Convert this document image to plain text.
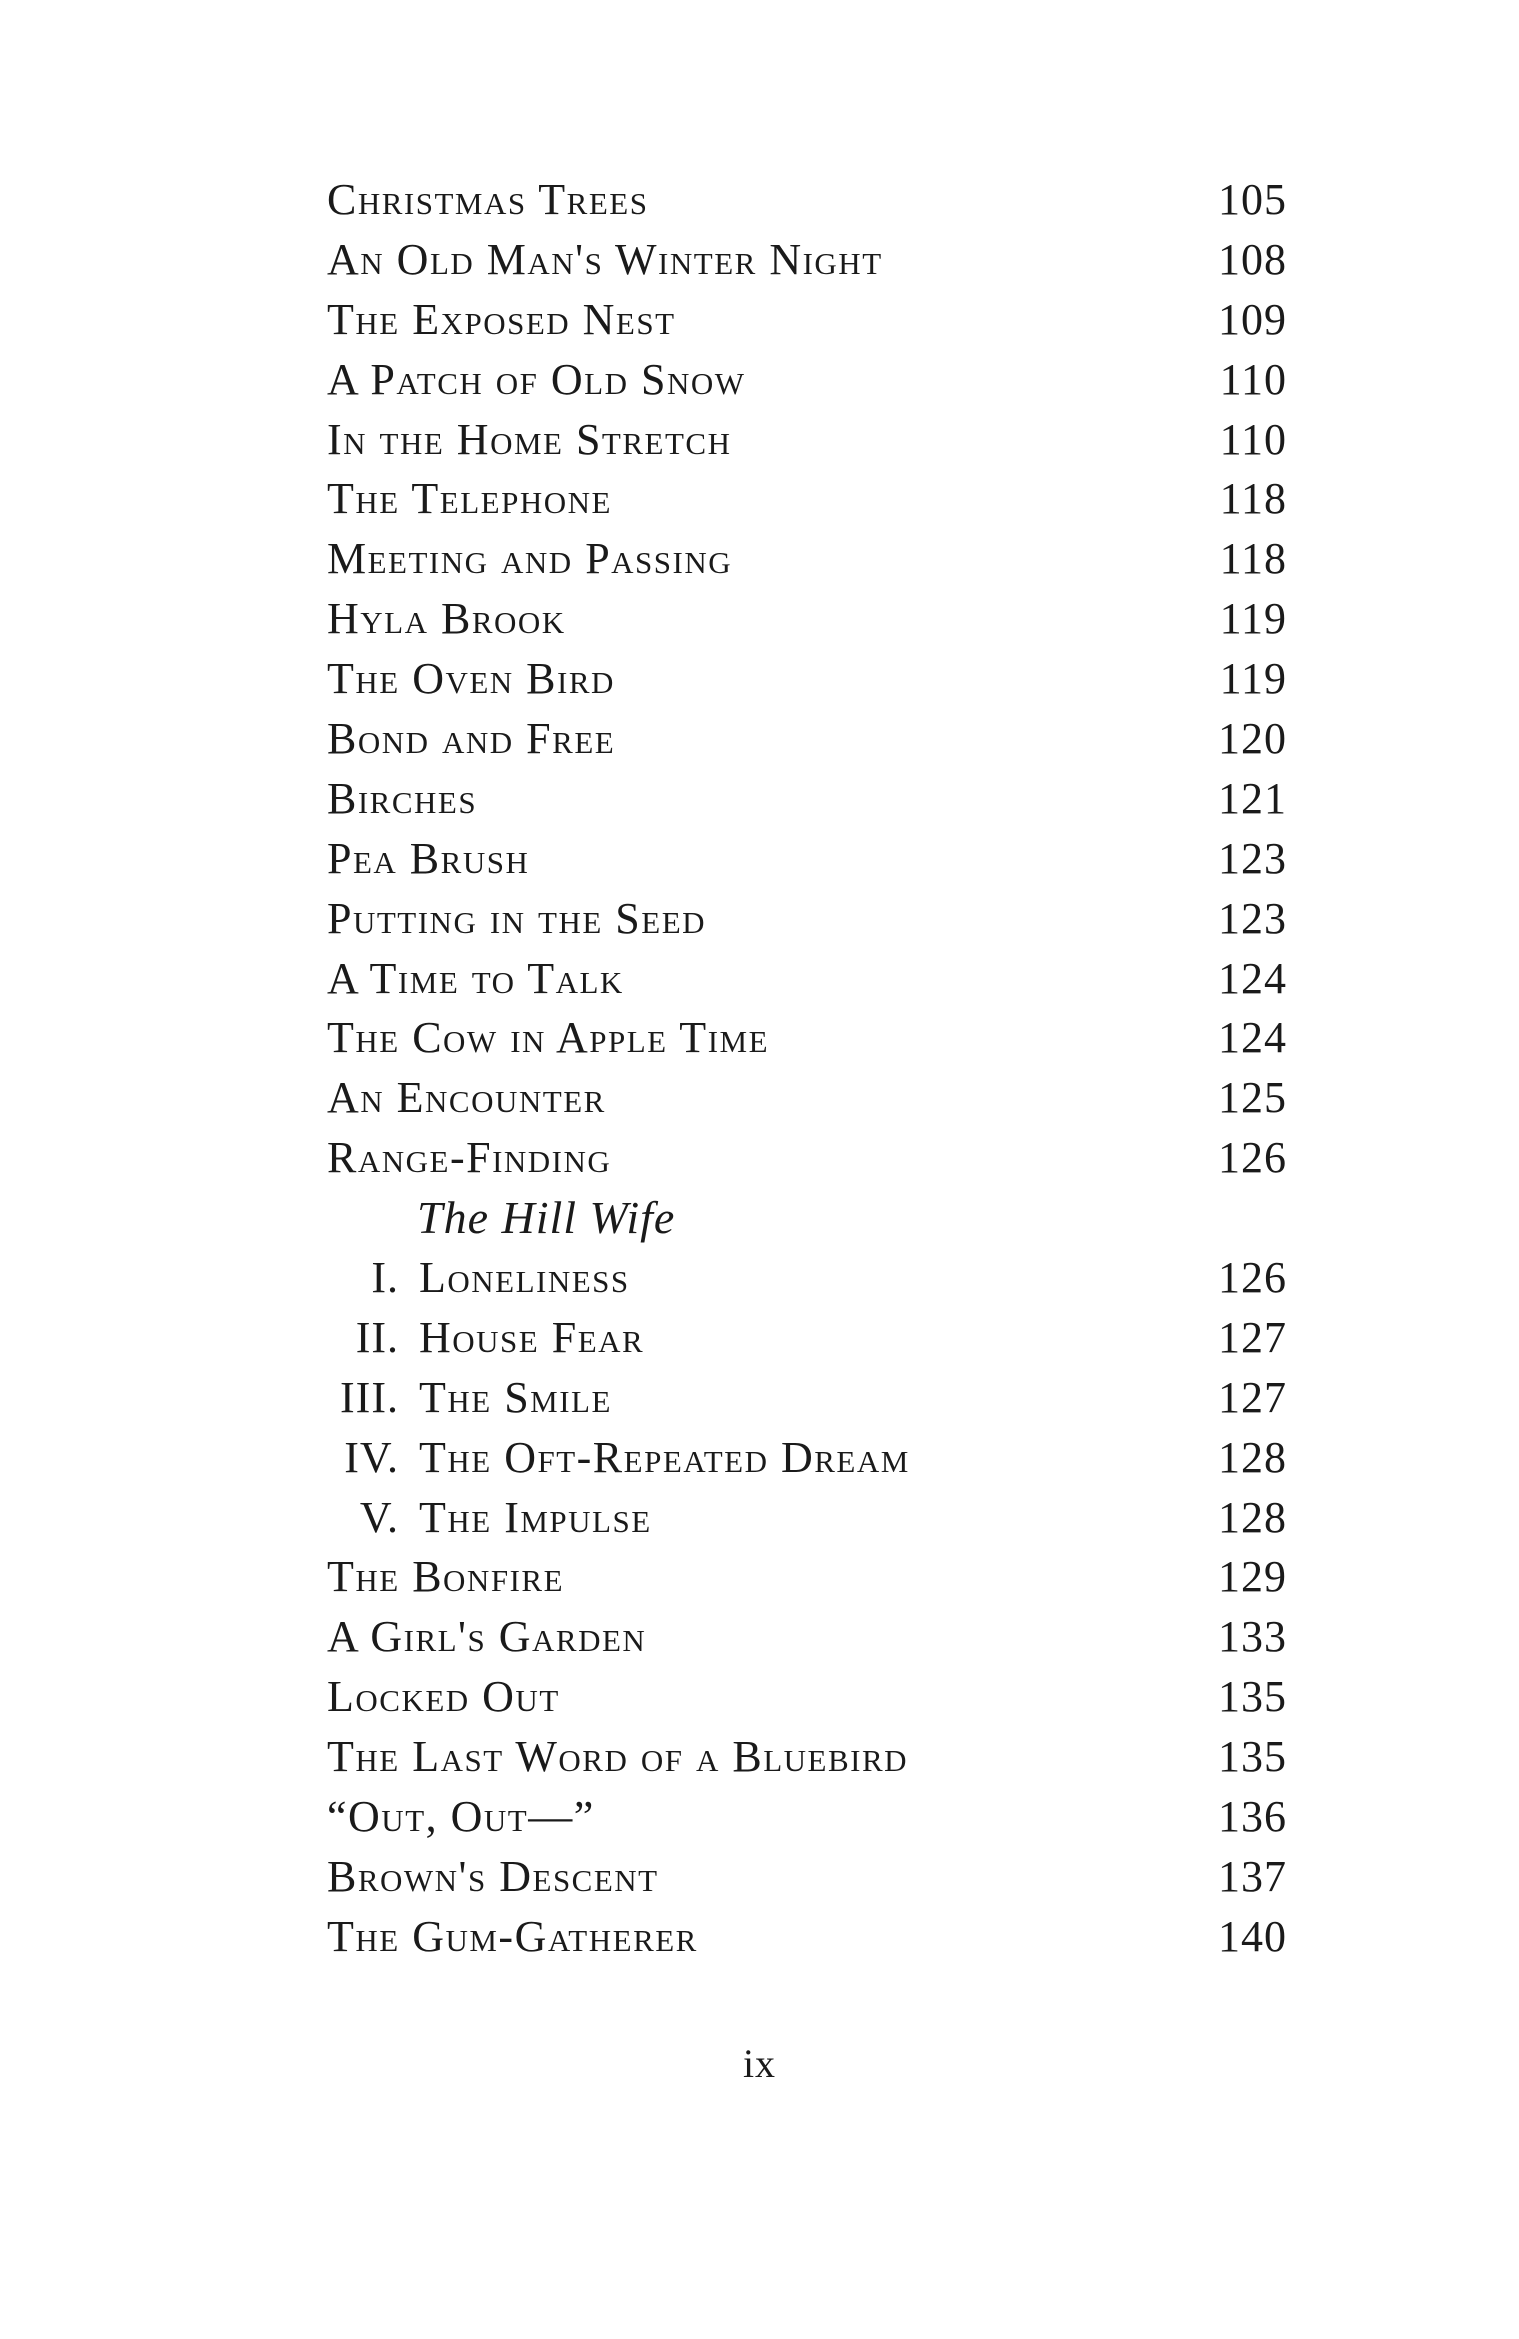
Christmas Trees	105
An Old Man's Winter Night	108
The Exposed Nest	109
A Patch of Old Snow	110
In the Home Stretch	110
The Telephone	118
Meeting and Passing	118
Hyla Brook	119
The Oven Bird	119
Bond and Free	120
Birches	121
Pea Brush	123
Putting in the Seed	123
A Time to Talk	124
The Cow in Apple Time	124
An Encounter	125
Range-Finding	126
The Hill Wife
I. Loneliness	126
II. House Fear	127
III. The Smile	127
IV. The Oft-Repeated Dream	128
V. The Impulse	128
The Bonfire	129
A Girl's Garden	133
Locked Out	135
The Last Word of a Bluebird	135
“Out, Out—”	136
Brown's Descent	137
The Gum-Gatherer	140
ix
